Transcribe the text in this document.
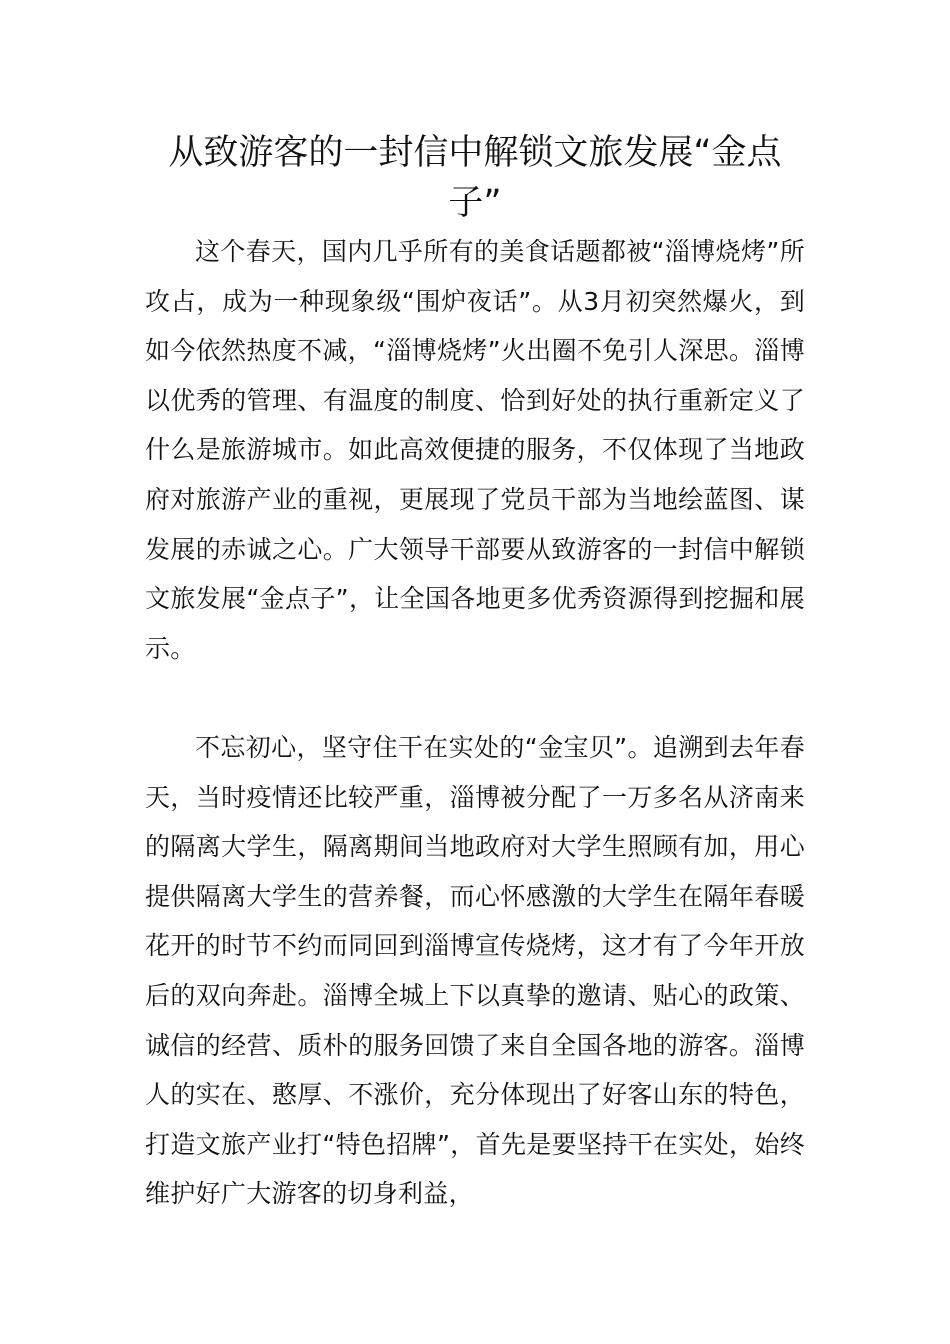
从致游客的一封信中解锁文旅发展“金点子”

这个春天，国内几乎所有的美食话题都被“淄博烧烤”所攻占，成为一种现象级“围炉夜话”。从3月初突然爆火，到如今依然热度不减，“淄博烧烤”火出圈不免引人深思。淄博以优秀的管理、有温度的制度、恰到好处的执行重新定义了什么是旅游城市。如此高效便捷的服务，不仅体现了当地政府对旅游产业的重视，更展现了党员干部为当地绘蓝图、谋发展的赤诚之心。广大领导干部要从致游客的一封信中解锁文旅发展“金点子”，让全国各地更多优秀资源得到挖掘和展示。

不忘初心，坚守住干在实处的“金宝贝”。追溯到去年春天，当时疫情还比较严重，淄博被分配了一万多名从济南来的隔离大学生，隔离期间当地政府对大学生照顾有加，用心提供隔离大学生的营养餐，而心怀感激的大学生在隔年春暖花开的时节不约而同回到淄博宣传烧烤，这才有了今年开放后的双向奔赴。淄博全城上下以真挚的邀请、贴心的政策、诚信的经营、质朴的服务回馈了来自全国各地的游客。淄博人的实在、憨厚、不涨价，充分体现出了好客山东的特色，打造文旅产业打“特色招牌”，首先是要坚持干在实处，始终维护好广大游客的切身利益，
